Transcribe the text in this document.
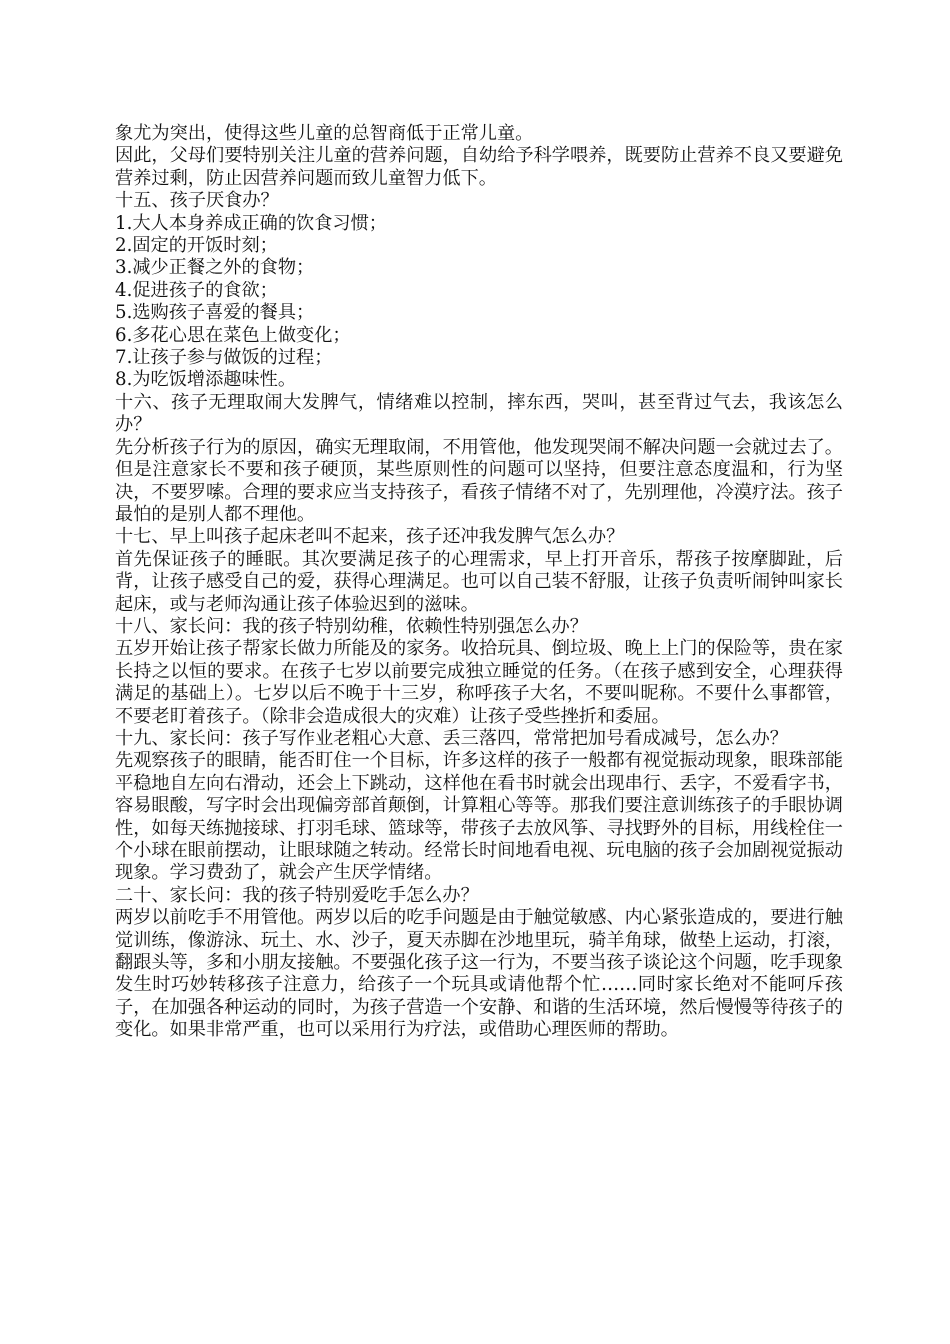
象尤为突出，使得这些儿童的总智商低于正常儿童。

因此，父母们要特别关注儿童的营养问题，自幼给予科学喂养，既要防止营养不良又要避免营养过剩，防止因营养问题而致儿童智力低下。

十五、孩子厌食办？

1.大人本身养成正确的饮食习惯；

2.固定的开饭时刻；

3.减少正餐之外的食物；

4.促进孩子的食欲；

5.选购孩子喜爱的餐具；

6.多花心思在菜色上做变化；

7.让孩子参与做饭的过程；

8.为吃饭增添趣味性。

十六、孩子无理取闹大发脾气，情绪难以控制，摔东西，哭叫，甚至背过气去，我该怎么办？

先分析孩子行为的原因，确实无理取闹，不用管他，他发现哭闹不解决问题一会就过去了。但是注意家长不要和孩子硬顶，某些原则性的问题可以坚持，但要注意态度温和，行为坚决，不要罗嗦。合理的要求应当支持孩子，看孩子情绪不对了，先别理他，冷漠疗法。孩子最怕的是别人都不理他。

十七、早上叫孩子起床老叫不起来，孩子还冲我发脾气怎么办？

首先保证孩子的睡眠。其次要满足孩子的心理需求，早上打开音乐，帮孩子按摩脚趾，后背，让孩子感受自己的爱，获得心理满足。也可以自己装不舒服，让孩子负责听闹钟叫家长起床，或与老师沟通让孩子体验迟到的滋味。

十八、家长问：我的孩子特别幼稚，依赖性特别强怎么办？

五岁开始让孩子帮家长做力所能及的家务。收拾玩具、倒垃圾、晚上上门的保险等，贵在家长持之以恒的要求。在孩子七岁以前要完成独立睡觉的任务。（在孩子感到安全，心理获得满足的基础上）。七岁以后不晚于十三岁，称呼孩子大名，不要叫昵称。不要什么事都管，不要老盯着孩子。（除非会造成很大的灾难）让孩子受些挫折和委屈。

十九、家长问：孩子写作业老粗心大意、丢三落四，常常把加号看成减号，怎么办？

先观察孩子的眼睛，能否盯住一个目标，许多这样的孩子一般都有视觉振动现象，眼珠部能平稳地自左向右滑动，还会上下跳动，这样他在看书时就会出现串行、丢字，不爱看字书，容易眼酸，写字时会出现偏旁部首颠倒，计算粗心等等。那我们要注意训练孩子的手眼协调性，如每天练抛接球、打羽毛球、篮球等，带孩子去放风筝、寻找野外的目标，用线栓住一个小球在眼前摆动，让眼球随之转动。经常长时间地看电视、玩电脑的孩子会加剧视觉振动现象。学习费劲了，就会产生厌学情绪。

二十、家长问：我的孩子特别爱吃手怎么办？

两岁以前吃手不用管他。两岁以后的吃手问题是由于触觉敏感、内心紧张造成的，要进行触觉训练，像游泳、玩土、水、沙子，夏天赤脚在沙地里玩，骑羊角球，做垫上运动，打滚，翻跟头等，多和小朋友接触。不要强化孩子这一行为，不要当孩子谈论这个问题，吃手现象发生时巧妙转移孩子注意力，给孩子一个玩具或请他帮个忙……同时家长绝对不能呵斥孩子，在加强各种运动的同时，为孩子营造一个安静、和谐的生活环境，然后慢慢等待孩子的变化。如果非常严重，也可以采用行为疗法，或借助心理医师的帮助。
